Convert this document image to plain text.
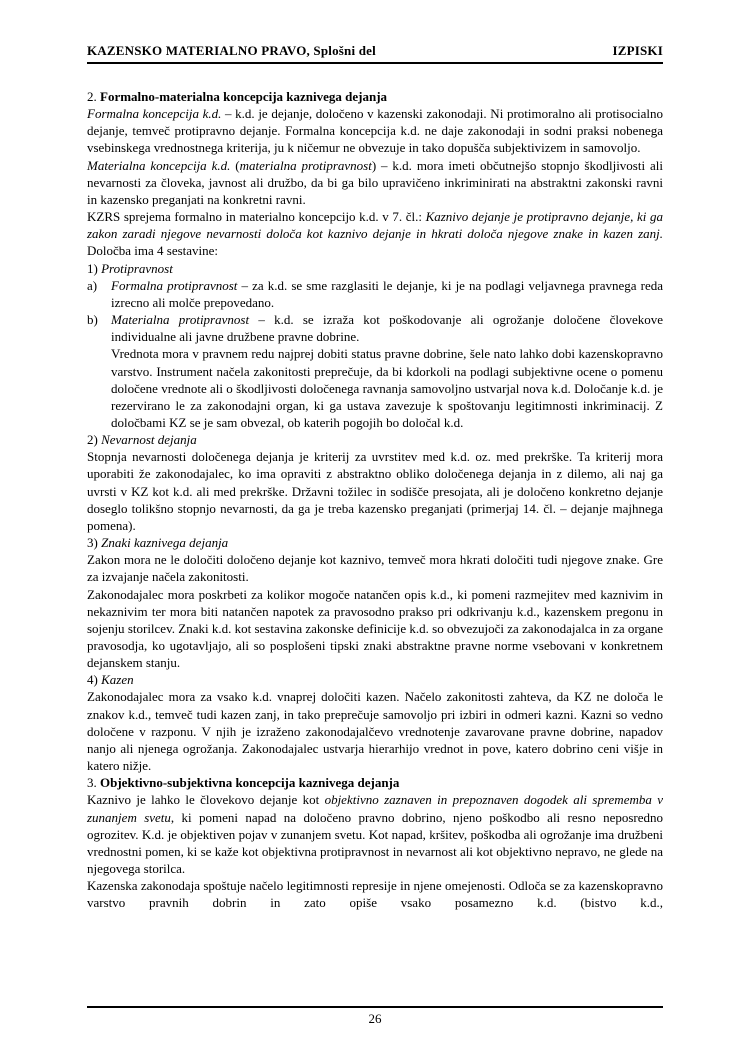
KAZENSKO MATERIALNO PRAVO, Splošni del	IZPISKI

2. Formalno-materialna koncepcija kaznivega dejanja

Formalna koncepcija k.d. – k.d. je dejanje, določeno v kazenski zakonodaji. Ni protimoralno ali protisocialno dejanje, temveč protipravno dejanje. Formalna koncepcija k.d. ne daje zakonodaji in sodni praksi nobenega vsebinskega vrednostnega kriterija, ju k ničemur ne obvezuje in tako dopušča subjektivizem in samovoljo.

Materialna koncepcija k.d. (materialna protipravnost) – k.d. mora imeti občutnejšo stopnjo škodljivosti ali nevarnosti za človeka, javnost ali družbo, da bi ga bilo upravičeno inkriminirati na abstraktni zakonski ravni in kazensko preganjati na konkretni ravni.

KZRS sprejema formalno in materialno koncepcijo k.d. v 7. čl.: Kaznivo dejanje je protipravno dejanje, ki ga zakon zaradi njegove nevarnosti določa kot kaznivo dejanje in hkrati določa njegove znake in kazen zanj. Določba ima 4 sestavine:

1) Protipravnost

a) Formalna protipravnost – za k.d. se sme razglasiti le dejanje, ki je na podlagi veljavnega pravnega reda izrecno ali molče prepovedano.

b) Materialna protipravnost – k.d. se izraža kot poškodovanje ali ogrožanje določene človekove individualne ali javne družbene pravne dobrine.

Vrednota mora v pravnem redu najprej dobiti status pravne dobrine, šele nato lahko dobi kazenskopravno varstvo. Instrument načela zakonitosti preprečuje, da bi kdorkoli na podlagi subjektivne ocene o pomenu določene vrednote ali o škodljivosti določenega ravnanja samovoljno ustvarjal nova k.d. Določanje k.d. je rezervirano le za zakonodajni organ, ki ga ustava zavezuje k spoštovanju legitimnosti inkriminacij. Z določbami KZ se je sam obvezal, ob katerih pogojih bo določal k.d.

2) Nevarnost dejanja

Stopnja nevarnosti določenega dejanja je kriterij za uvrstitev med k.d. oz. med prekrške. Ta kriterij mora uporabiti že zakonodajalec, ko ima opraviti z abstraktno obliko določenega dejanja in z dilemo, ali naj ga uvrsti v KZ kot k.d. ali med prekrške. Državni tožilec in sodišče presojata, ali je določeno konkretno dejanje doseglo tolikšno stopnjo nevarnosti, da ga je treba kazensko preganjati (primerjaj 14. čl. – dejanje majhnega pomena).

3) Znaki kaznivega dejanja

Zakon mora ne le določiti določeno dejanje kot kaznivo, temveč mora hkrati določiti tudi njegove znake. Gre za izvajanje načela zakonitosti.

Zakonodajalec mora poskrbeti za kolikor mogoče natančen opis k.d., ki pomeni razmejitev med kaznivim in nekaznivim ter mora biti natančen napotek za pravosodno prakso pri odkrivanju k.d., kazenskem pregonu in sojenju storilcev. Znaki k.d. kot sestavina zakonske definicije k.d. so obvezujoči za zakonodajalca in za organe pravosodja, ko ugotavljajo, ali so posplošeni tipski znaki abstraktne pravne norme vsebovani v konkretnem dejanskem stanju.

4) Kazen

Zakonodajalec mora za vsako k.d. vnaprej določiti kazen. Načelo zakonitosti zahteva, da KZ ne določa le znakov k.d., temveč tudi kazen zanj, in tako preprečuje samovoljo pri izbiri in odmeri kazni. Kazni so vedno določene v razponu. V njih je izraženo zakonodajalčevo vrednotenje zavarovane pravne dobrine, napadov nanjo ali njenega ogrožanja. Zakonodajalec ustvarja hierarhijo vrednot in pove, katero dobrino ceni višje in katero nižje.

3. Objektivno-subjektivna koncepcija kaznivega dejanja

Kaznivo je lahko le človekovo dejanje kot objektivno zaznaven in prepoznaven dogodek ali sprememba v zunanjem svetu, ki pomeni napad na določeno pravno dobrino, njeno poškodbo ali resno neposredno ogrozitev. K.d. je objektiven pojav v zunanjem svetu. Kot napad, kršitev, poškodba ali ogrožanje ima družbeni vrednostni pomen, ki se kaže kot objektivna protipravnost in nevarnost ali kot objektivno nepravo, ne glede na njegovega storilca.

Kazenska zakonodaja spoštuje načelo legitimnosti represije in njene omejenosti. Odloča se za kazenskopravno varstvo pravnih dobrin in zato opiše vsako posamezno k.d. (bistvo k.d.,

26
